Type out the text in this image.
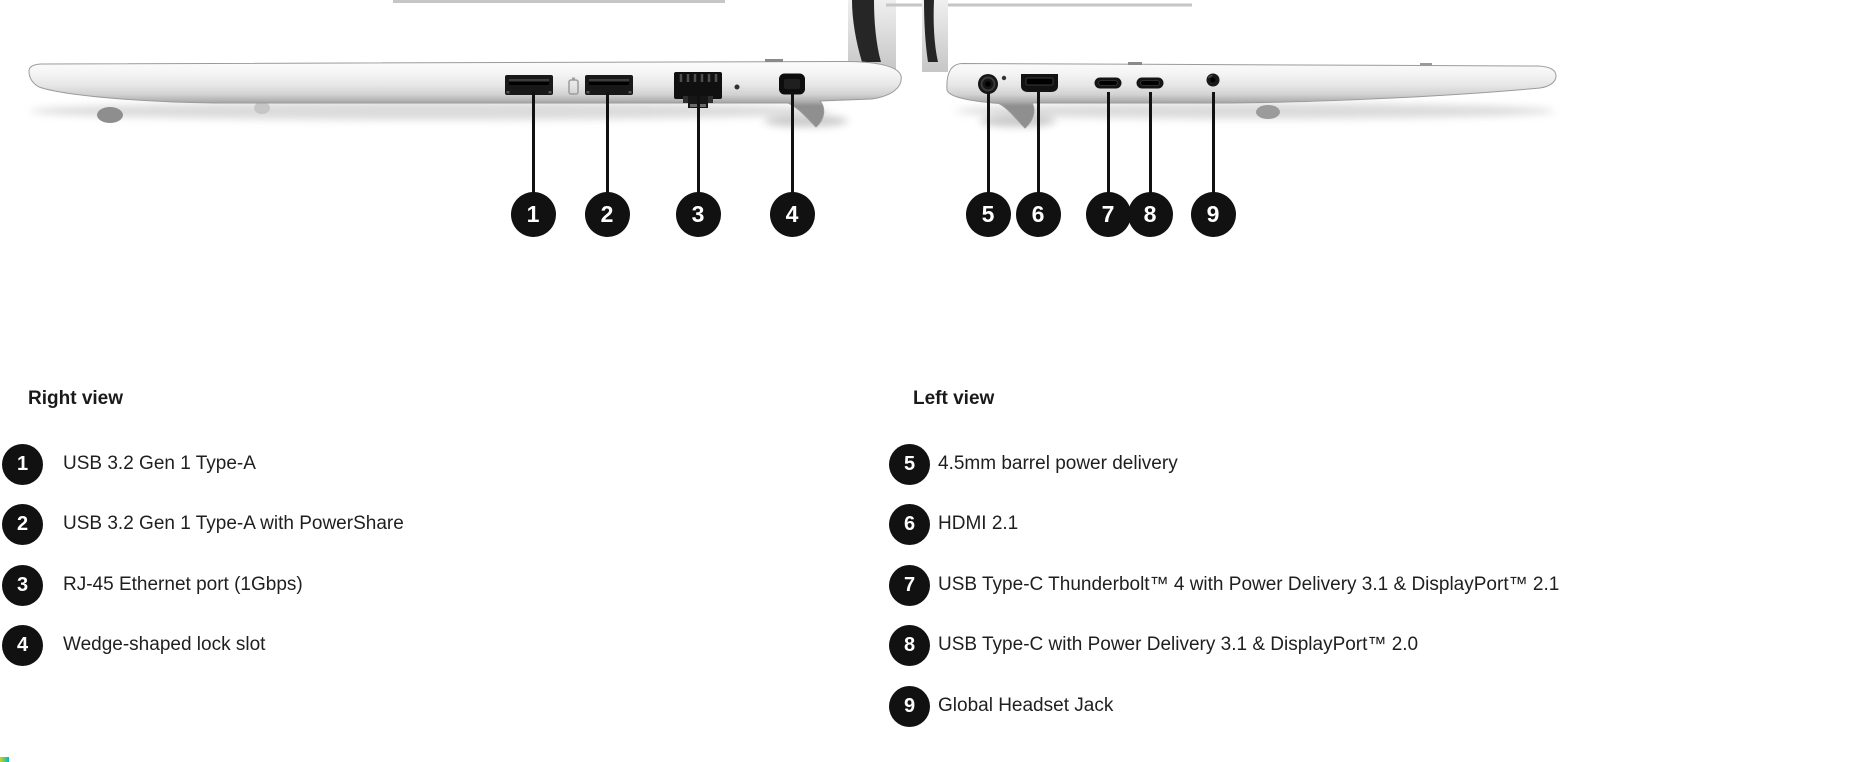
1	2	3	4	5 6 7 8 9
Right view
1	USB 3.2 Gen 1 Type-A
2	USB 3.2 Gen 1 Type-A with PowerShare
3	RJ-45 Ethernet port (1Gbps)
4	Wedge-shaped lock slot
Left view
5	4.5mm barrel power delivery
6	HDMI 2.1
7	USB Type-C Thunderbolt™ 4 with Power Delivery 3.1 & DisplayPort™ 2.1
8	USB Type-C with Power Delivery 3.1 & DisplayPort™ 2.0
9	Global Headset Jack
